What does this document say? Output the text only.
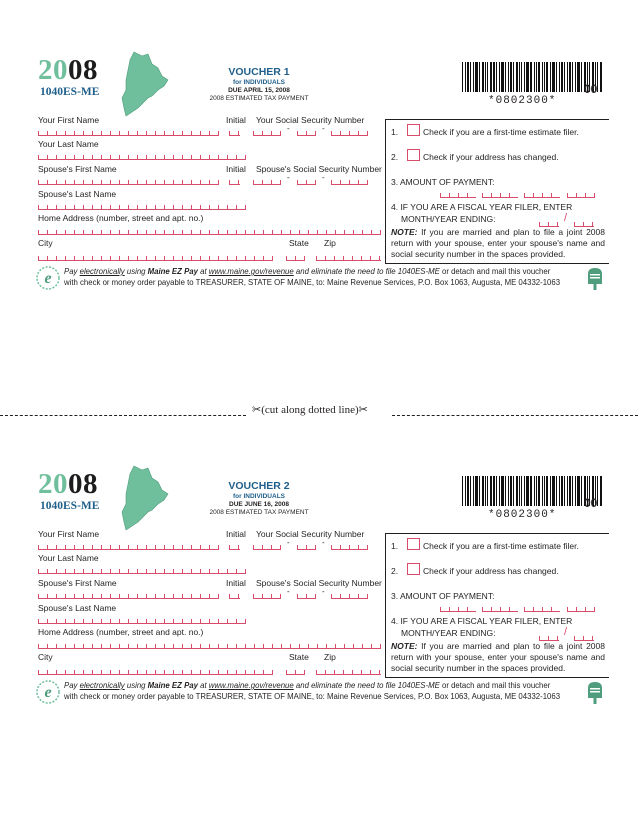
2008
1040ES-ME
VOUCHER 1
for INDIVIDUALS
DUE APRIL 15, 2008
2008 ESTIMATED TAX PAYMENT
00
*0802300*
Your First Name	Initial Your Social Security Number
-	-
Your Last Name
Spouse's First Name	Initial Spouse's Social Security Number
-	-
Spouse's Last Name
Home Address (number, street and apt. no.)
City	State Zip
1.	Check if you are a first-time estimate filer.
2.	Check if your address has changed.
3. AMOUNT OF PAYMENT:
4. IF YOU ARE A FISCAL YEAR FILER, ENTER
MONTH/YEAR ENDING:	/
NOTE: If you are married and plan to file a joint 2008 return with your spouse, enter your spouse's name and social security number in the spaces provided.
e Pay electronically using Maine EZ Pay at www.maine.gov/revenue and eliminate the need to file 1040ES-ME or detach and mail this voucher
with check or money order payable to TREASURER, STATE OF MAINE, to: Maine Revenue Services, P.O. Box 1063, Augusta, ME 04332-1063
2008
1040ES-ME
VOUCHER 2
for INDIVIDUALS
DUE JUNE 16, 2008
2008 ESTIMATED TAX PAYMENT
00
*0802300*
Your First Name	Initial Your Social Security Number
-	-
Your Last Name
Spouse's First Name	Initial Spouse's Social Security Number
-	-
Spouse's Last Name
Home Address (number, street and apt. no.)
City	State Zip
1.	Check if you are a first-time estimate filer.
2.	Check if your address has changed.
3. AMOUNT OF PAYMENT:
4. IF YOU ARE A FISCAL YEAR FILER, ENTER
MONTH/YEAR ENDING:	/
NOTE: If you are married and plan to file a joint 2008 return with your spouse, enter your spouse's name and social security number in the spaces provided.
e Pay electronically using Maine EZ Pay at www.maine.gov/revenue and eliminate the need to file 1040ES-ME or detach and mail this voucher
with check or money order payable to TREASURER, STATE OF MAINE, to: Maine Revenue Services, P.O. Box 1063, Augusta, ME 04332-1063
✂(cut along dotted line)✂
